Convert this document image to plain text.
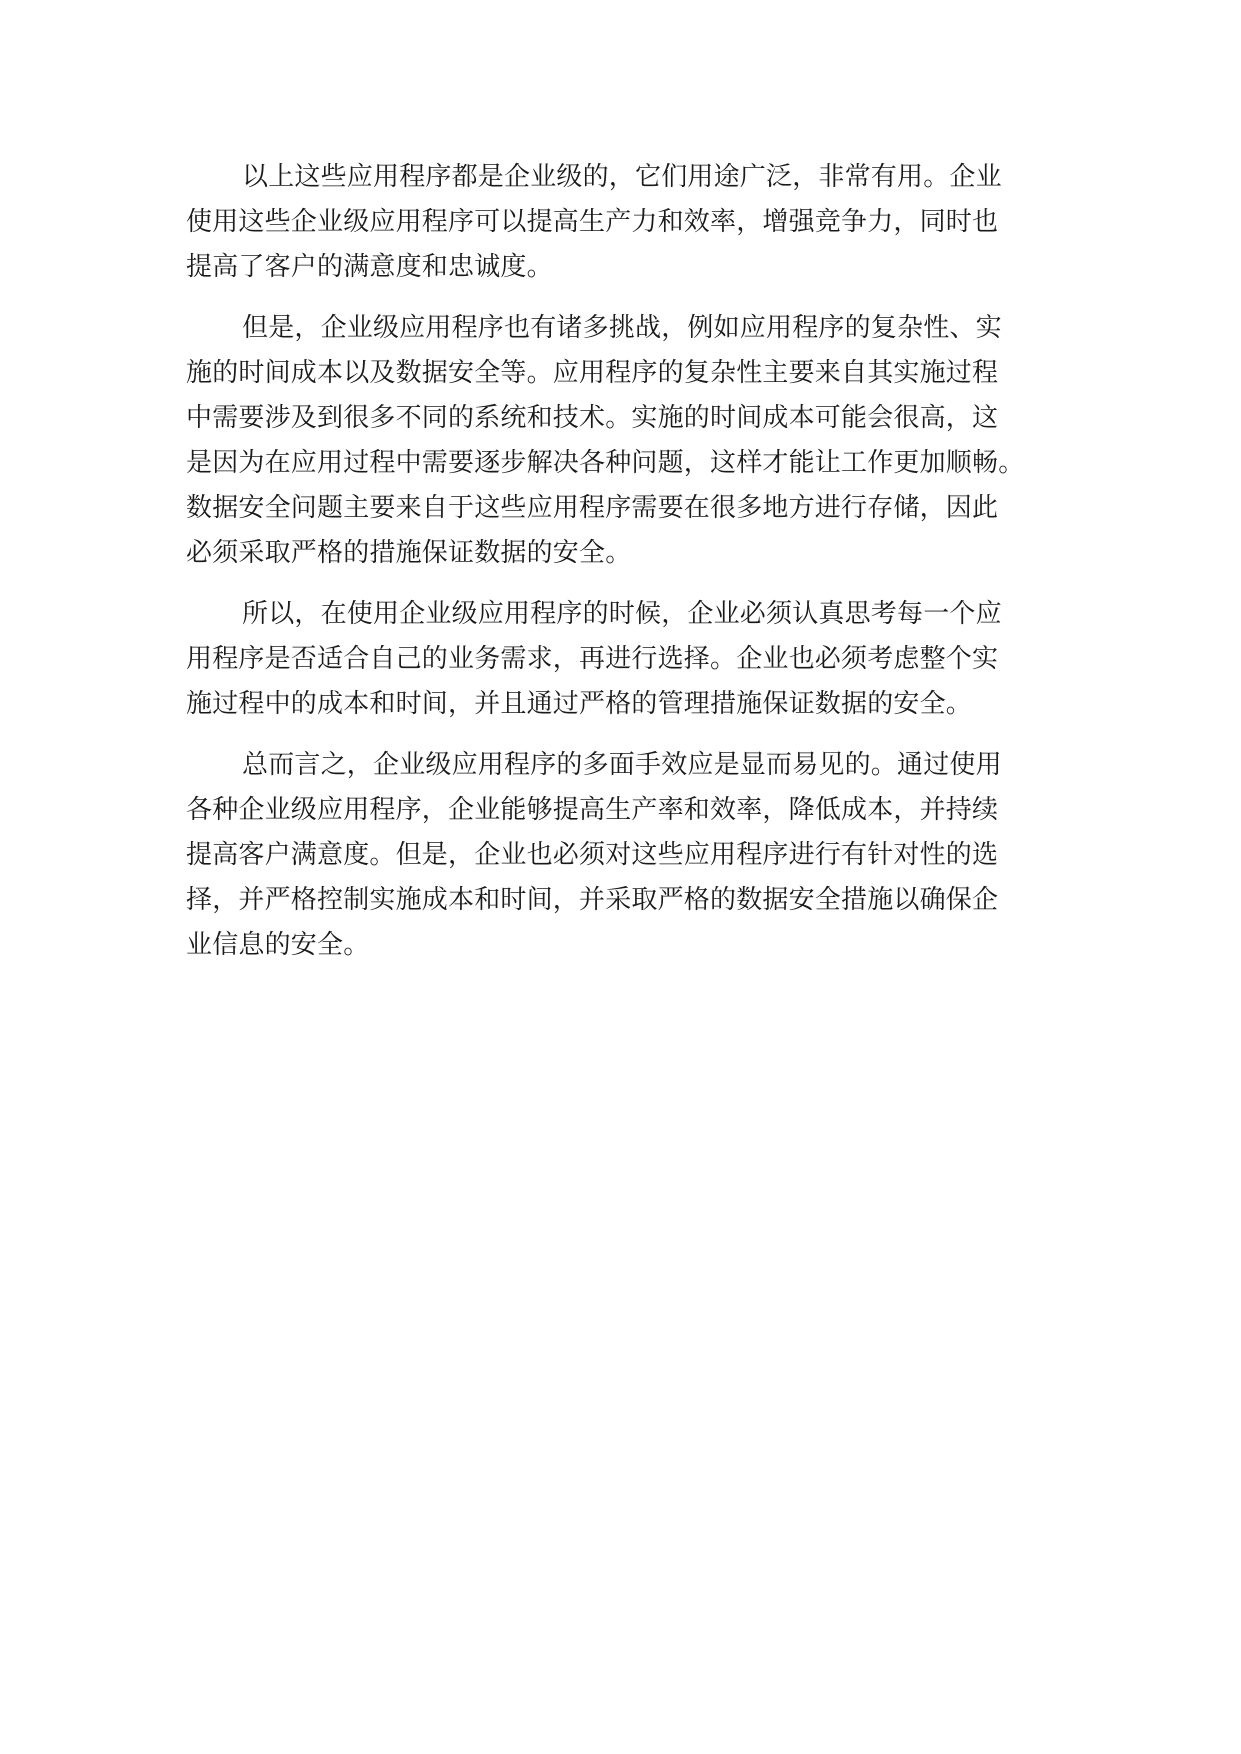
以上这些应用程序都是企业级的，它们用途广泛，非常有用。企业
使用这些企业级应用程序可以提高生产力和效率，增强竞争力，同时也
提高了客户的满意度和忠诚度。
但是，企业级应用程序也有诸多挑战，例如应用程序的复杂性、实
施的时间成本以及数据安全等。应用程序的复杂性主要来自其实施过程
中需要涉及到很多不同的系统和技术。实施的时间成本可能会很高，这
是因为在应用过程中需要逐步解决各种问题，这样才能让工作更加顺畅。
数据安全问题主要来自于这些应用程序需要在很多地方进行存储，因此
必须采取严格的措施保证数据的安全。
所以，在使用企业级应用程序的时候，企业必须认真思考每一个应
用程序是否适合自己的业务需求，再进行选择。企业也必须考虑整个实
施过程中的成本和时间，并且通过严格的管理措施保证数据的安全。
总而言之，企业级应用程序的多面手效应是显而易见的。通过使用
各种企业级应用程序，企业能够提高生产率和效率，降低成本，并持续
提高客户满意度。但是，企业也必须对这些应用程序进行有针对性的选
择，并严格控制实施成本和时间，并采取严格的数据安全措施以确保企
业信息的安全。
